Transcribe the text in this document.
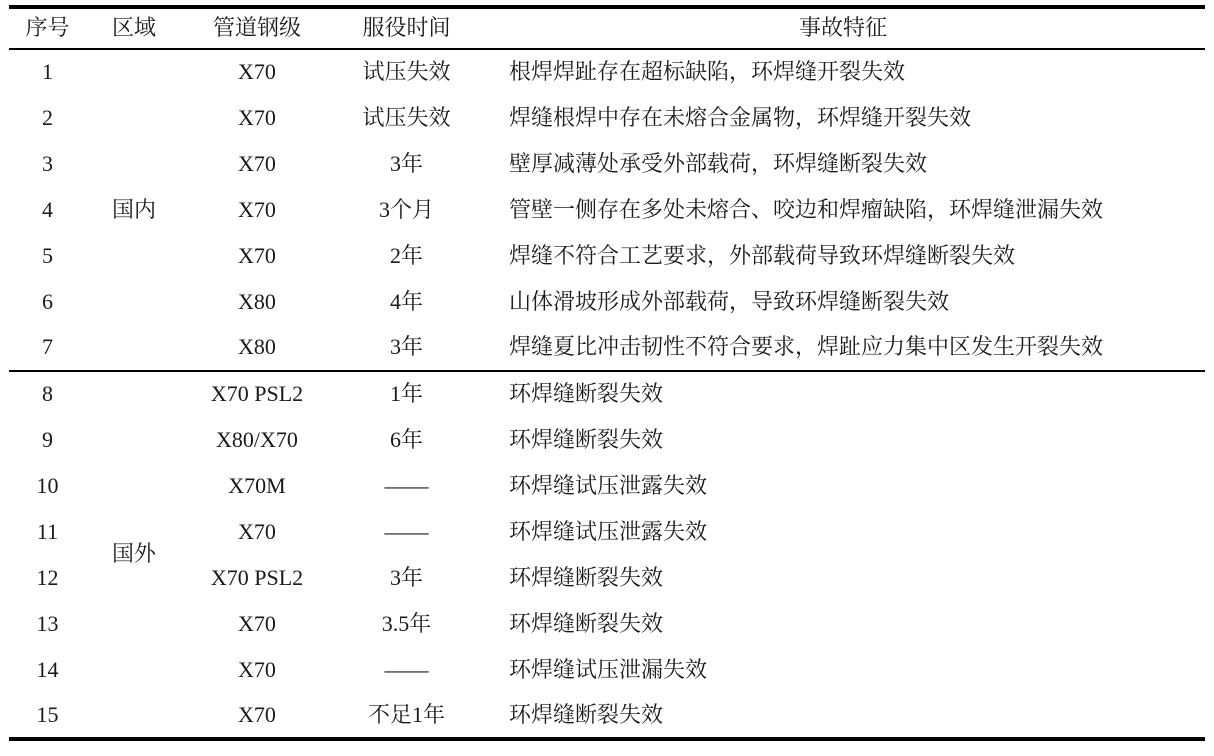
序号	区域	管道钢级	服役时间	事故特征
1	国内	X70	试压失效	根焊焊趾存在超标缺陷，环焊缝开裂失效
2		X70	试压失效	焊缝根焊中存在未熔合金属物，环焊缝开裂失效
3		X70	3年	壁厚减薄处承受外部载荷，环焊缝断裂失效
4		X70	3个月	管壁一侧存在多处未熔合、咬边和焊瘤缺陷，环焊缝泄漏失效
5		X70	2年	焊缝不符合工艺要求，外部载荷导致环焊缝断裂失效
6		X80	4年	山体滑坡形成外部载荷，导致环焊缝断裂失效
7		X80	3年	焊缝夏比冲击韧性不符合要求，焊趾应力集中区发生开裂失效
8	国外	X70 PSL2	1年	环焊缝断裂失效
9		X80/X70	6年	环焊缝断裂失效
10		X70M	——	环焊缝试压泄露失效
11		X70	——	环焊缝试压泄露失效
12		X70 PSL2	3年	环焊缝断裂失效
13		X70	3.5年	环焊缝断裂失效
14		X70	——	环焊缝试压泄漏失效
15		X70	不足1年	环焊缝断裂失效
